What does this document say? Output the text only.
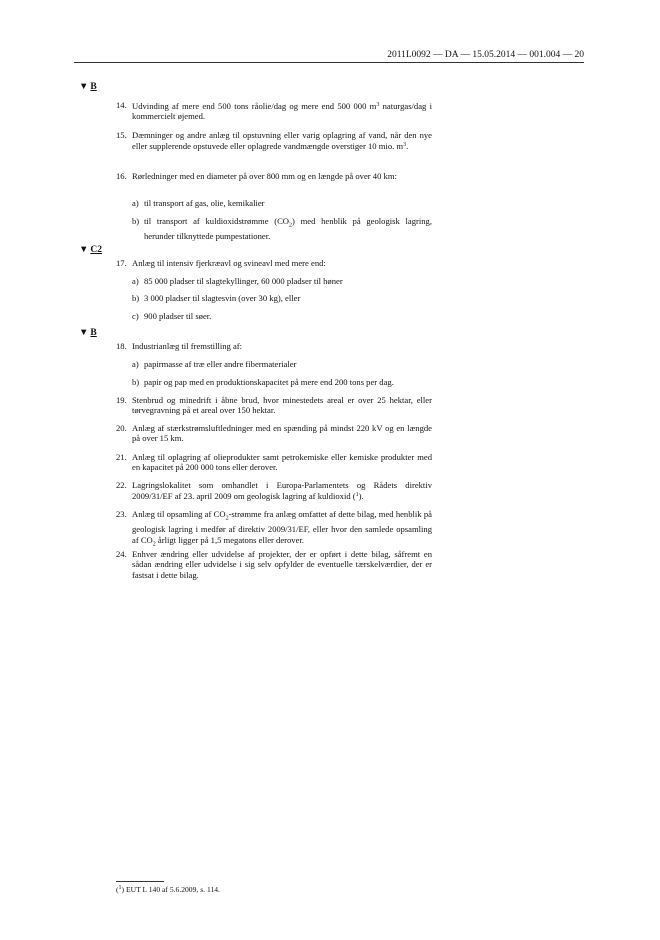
2011L0092 — DA — 15.05.2014 — 001.004 — 20
▼ B
14. Udvinding af mere end 500 tons råolie/dag og mere end 500 000 $m^3$ naturgas/dag i kommercielt øjemed.
15. Dæmninger og andre anlæg til opstuvning eller varig oplagring af vand, når den nye eller supplerende opstuvede eller oplagrede vandmængde overstiger 10 mio. $m^3$.
16. Rørledninger med en diameter på over 800 mm og en længde på over 40 km:
a) til transport af gas, olie, kemikalier
b) til transport af kuldioxidstrømme $(CO_2)$ med henblik på geologisk lagring, herunder tilknyttede pumpestationer.
▼ C2
17. Anlæg til intensiv fjerkræavl og svineavl med mere end:
a) 85 000 pladser til slagtekyllinger, 60 000 pladser til høner
b) 3 000 pladser til slagtesvin (over 30 kg), eller
c) 900 pladser til søer.
▼ B
18. Industrianlæg til fremstilling af:
a) papirmasse af træ eller andre fibermaterialer
b) papir og pap med en produktionskapacitet på mere end 200 tons per dag.
19. Stenbrud og minedrift i åbne brud, hvor minestedets areal er over 25 hektar, eller tørvegravning på et areal over 150 hektar.
20. Anlæg af stærkstrømsluftledninger med en spænding på mindst 220 kV og en længde på over 15 km.
21. Anlæg til oplagring af olieprodukter samt petrokemiske eller kemiske produkter med en kapacitet på 200 000 tons eller derover.
22. Lagringslokalitet som omhandlet i Europa-Parlamentets og Rådets direktiv 2009/31/EF af 23. april 2009 om geologisk lagring af kuldioxid ($^1$).
23. Anlæg til opsamling af $CO_2$-strømme fra anlæg omfattet af dette bilag, med henblik på geologisk lagring i medfør af direktiv 2009/31/EF, eller hvor den samlede opsamling af $CO_2$ årligt ligger på 1,5 megatons eller derover.
24. Enhver ændring eller udvidelse af projekter, der er opført i dette bilag, såfremt en sådan ændring eller udvidelse i sig selv opfylder de eventuelle tærskelværdier, der er fastsat i dette bilag.
($^1$) EUT L 140 af 5.6.2009, s. 114.
